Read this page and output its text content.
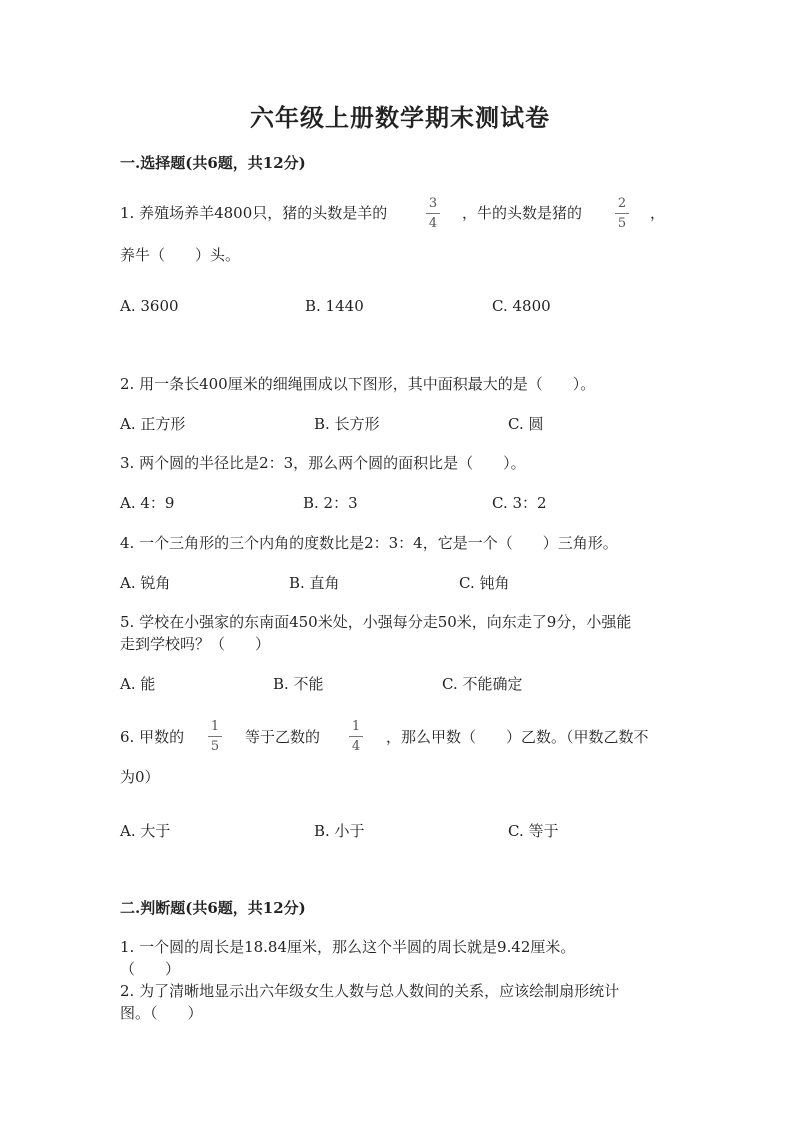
六年级上册数学期末测试卷
一.选择题(共6题，共12分)
1. 养殖场养羊4800只，猪的头数是羊的
3
4
，牛的头数是猪的
2
5
，
养牛（　　）头。
A. 3600	B. 1440	C. 4800
2. 用一条长400厘米的细绳围成以下图形，其中面积最大的是（　　）。
A. 正方形	B. 长方形	C. 圆
3. 两个圆的半径比是2：3，那么两个圆的面积比是（　　）。
A. 4：9	B. 2：3	C. 3：2
4. 一个三角形的三个内角的度数比是2：3：4，它是一个（　　）三角形。
A. 锐角	B. 直角	C. 钝角
5. 学校在小强家的东南面450米处，小强每分走50米，向东走了9分，小强能
走到学校吗？（　　）
A. 能	B. 不能	C. 不能确定
6. 甲数的
1
5
等于乙数的
1
4
，那么甲数（　　）乙数。（甲数乙数不
为0）
A. 大于	B. 小于	C. 等于
二.判断题(共6题，共12分)
1. 一个圆的周长是18.84厘米，那么这个半圆的周长就是9.42厘米。
（　　）
2. 为了清晰地显示出六年级女生人数与总人数间的关系，应该绘制扇形统计
图。（　　）
